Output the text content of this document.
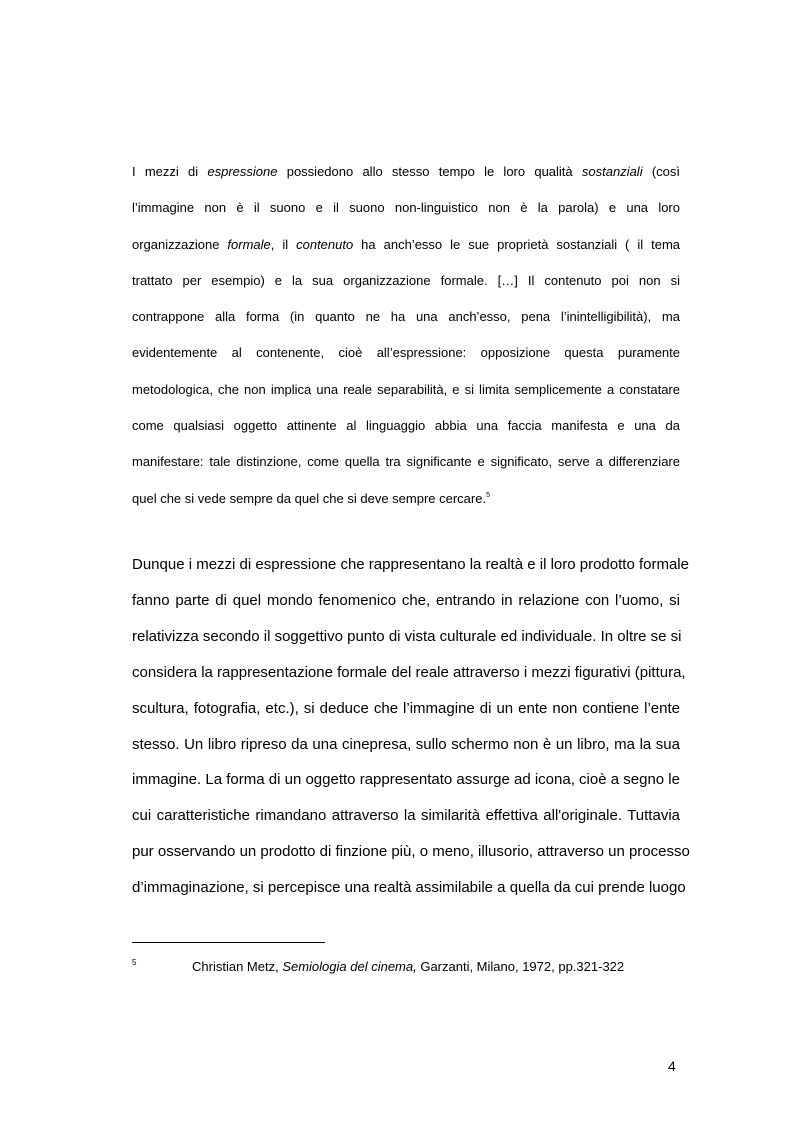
I mezzi di espressione possiedono allo stesso tempo le loro qualità sostanziali (così
l’immagine non è il suono e il suono non-linguistico non è la parola) e una loro
organizzazione formale, il contenuto ha anch’esso le sue proprietà sostanziali ( il tema
trattato per esempio) e la sua organizzazione formale. […] Il contenuto poi non si
contrappone alla forma (in quanto ne ha una anch’esso, pena l’inintelligibilità), ma
evidentemente al contenente, cioè all’espressione: opposizione questa puramente
metodologica, che non implica una reale separabilità, e si limita semplicemente a constatare
come qualsiasi oggetto attinente al linguaggio abbia una faccia manifesta e una da
manifestare: tale distinzione, come quella tra significante e significato, serve a differenziare
quel che si vede sempre da quel che si deve sempre cercare.$^5$
Dunque i mezzi di espressione che rappresentano la realtà e il loro prodotto formale
fanno parte di quel mondo fenomenico che, entrando in relazione con l’uomo, si
relativizza secondo il soggettivo punto di vista culturale ed individuale. In oltre se si
considera la rappresentazione formale del reale attraverso i mezzi figurativi (pittura,
scultura, fotografia, etc.), si deduce che l’immagine di un ente non contiene l’ente
stesso. Un libro ripreso da una cinepresa, sullo schermo non è un libro, ma la sua
immagine. La forma di un oggetto rappresentato assurge ad icona, cioè a segno le
cui caratteristiche rimandano attraverso la similarità effettiva all'originale. Tuttavia
pur osservando un prodotto di finzione più, o meno, illusorio, attraverso un processo
d’immaginazione, si percepisce una realtà assimilabile a quella da cui prende luogo
5	Christian Metz, Semiologia del cinema, Garzanti, Milano, 1972, pp.321-322
4
